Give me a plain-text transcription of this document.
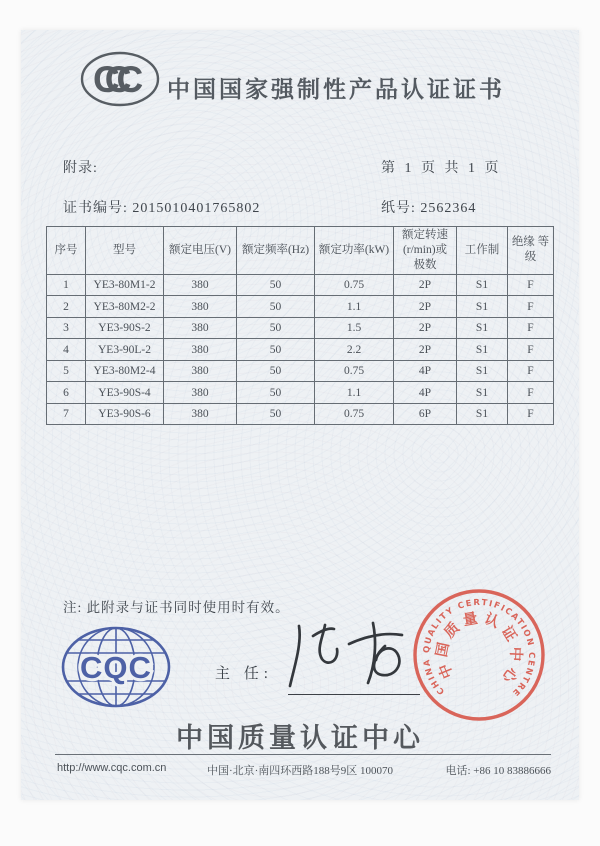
CCC	中国国家强制性产品认证证书
附录:	第 1 页 共 1 页
证书编号: 2015010401765802	纸号: 2562364
序号	型号	额定电压(V)	额定频率(Hz)	额定功率(kW)	额定转速 (r/min)或 极数	工作制	绝缘 等级
1	YE3-80M1-2	380	50	0.75	2P	S1	F
2	YE3-80M2-2	380	50	1.1	2P	S1	F
3	YE3-90S-2	380	50	1.5	2P	S1	F
4	YE3-90L-2	380	50	2.2	2P	S1	F
5	YE3-80M2-4	380	50	0.75	4P	S1	F
6	YE3-90S-4	380	50	1.1	4P	S1	F
7	YE3-90S-6	380	50	0.75	6P	S1	F
注: 此附录与证书同时使用时有效。
CQC	主 任:
CHINA QUALITY CERTIFICATION CENTRE
中国质量认证中心
中国质量认证中心
http://www.cqc.com.cn	中国·北京·南四环西路188号9区 100070	电话: +86 10 83886666
